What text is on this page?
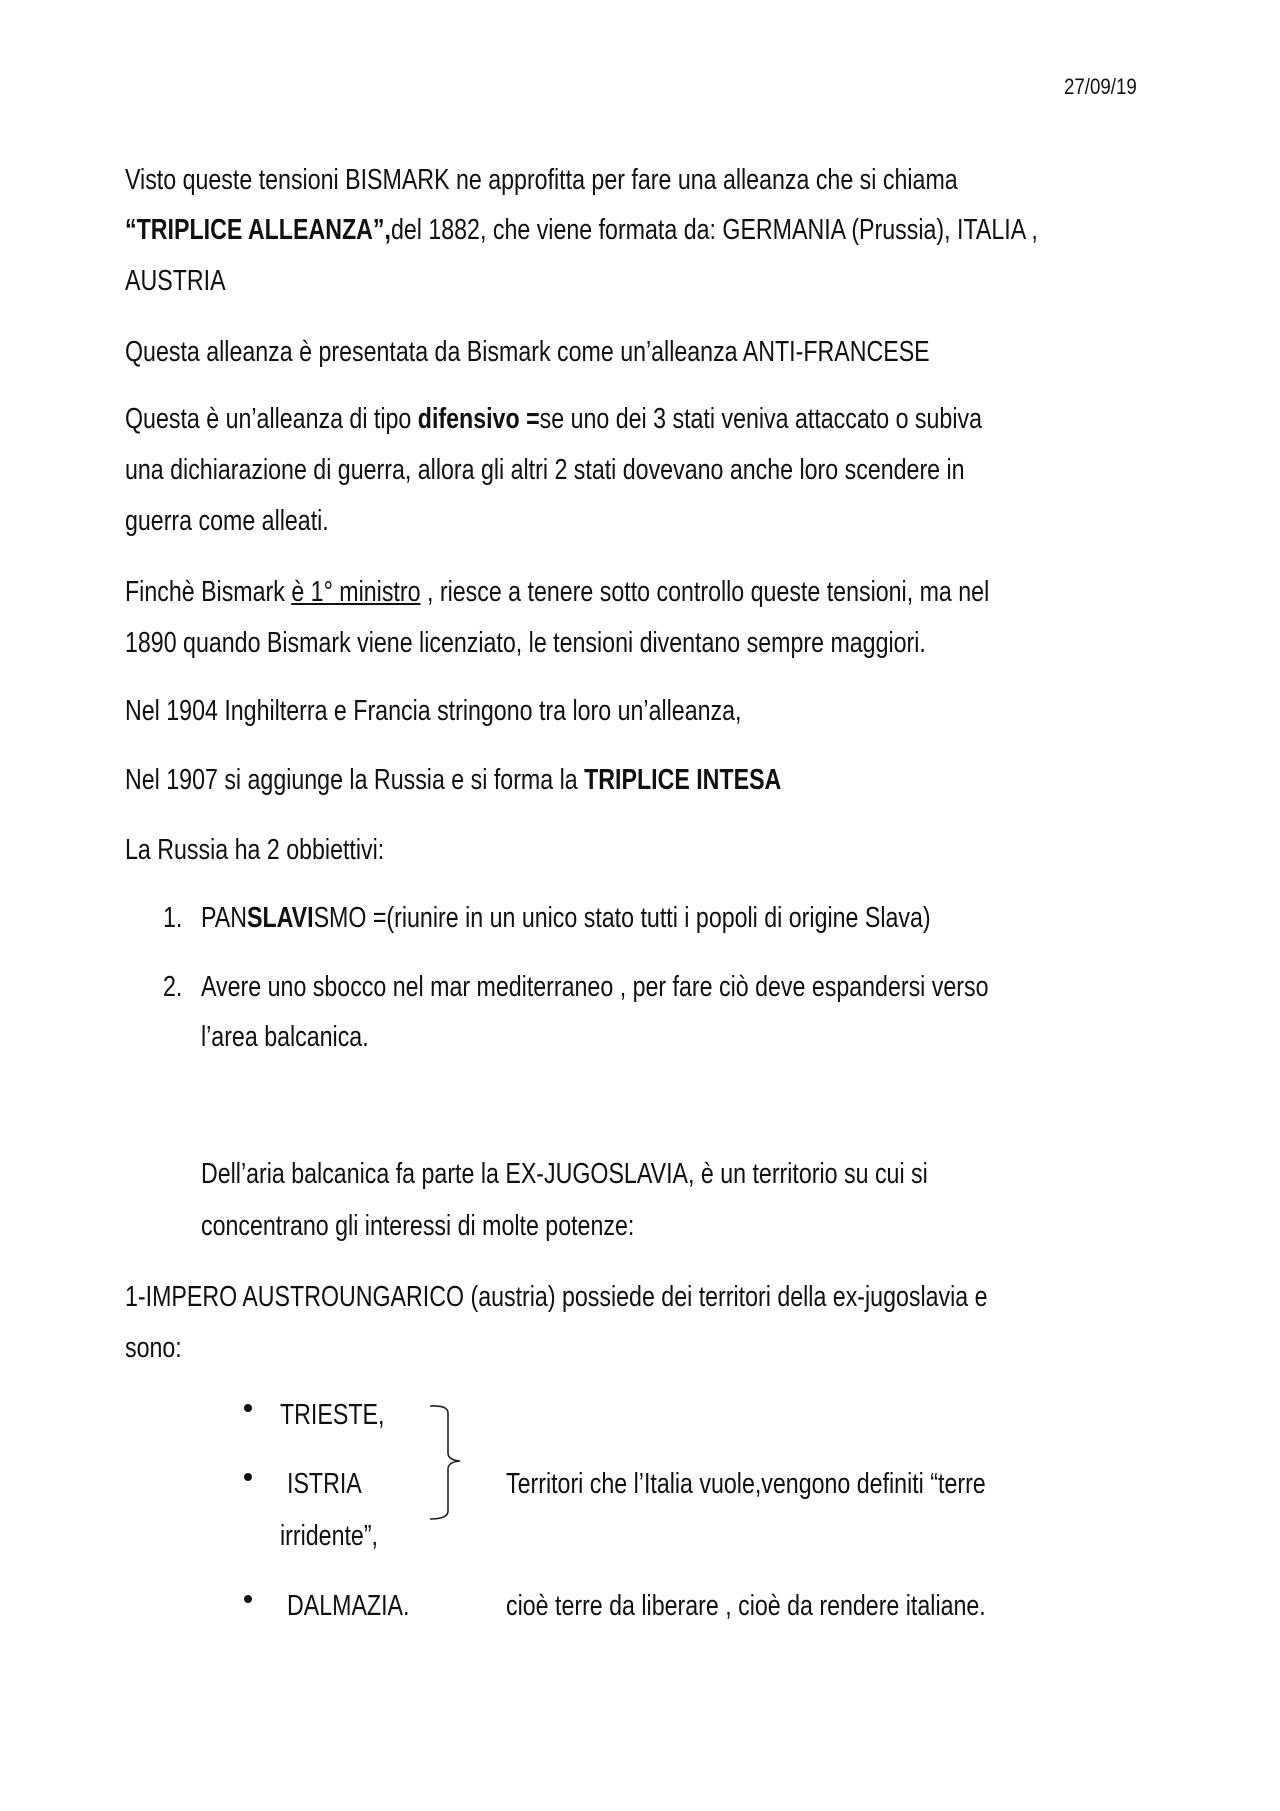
27/09/19
Visto queste tensioni BISMARK ne approfitta per fare una alleanza che si chiama
“TRIPLICE ALLEANZA”,del 1882, che viene formata da: GERMANIA (Prussia), ITALIA ,
AUSTRIA
Questa alleanza è presentata da Bismark come un’alleanza ANTI-FRANCESE
Questa è un’alleanza di tipo difensivo =se uno dei 3 stati veniva attaccato o subiva
una dichiarazione di guerra, allora gli altri 2 stati dovevano anche loro scendere in
guerra come alleati.
Finchè Bismark è 1° ministro , riesce a tenere sotto controllo queste tensioni, ma nel
1890 quando Bismark viene licenziato, le tensioni diventano sempre maggiori.
Nel 1904 Inghilterra e Francia stringono tra loro un’alleanza,
Nel 1907 si aggiunge la Russia e si forma la TRIPLICE INTESA
La Russia ha 2 obbiettivi:
1. PANSLAVISMO =(riunire in un unico stato tutti i popoli di origine Slava)
2. Avere uno sbocco nel mar mediterraneo , per fare ciò deve espandersi verso
l’area balcanica.
Dell’aria balcanica fa parte la EX-JUGOSLAVIA, è un territorio su cui si
concentrano gli interessi di molte potenze:
1-IMPERO AUSTROUNGARICO (austria) possiede dei territori della ex-jugoslavia e
sono:
TRIESTE,
ISTRIA
irridente”,
DALMAZIA.
Territori che l’Italia vuole,vengono definiti “terre
cioè terre da liberare , cioè da rendere italiane.
